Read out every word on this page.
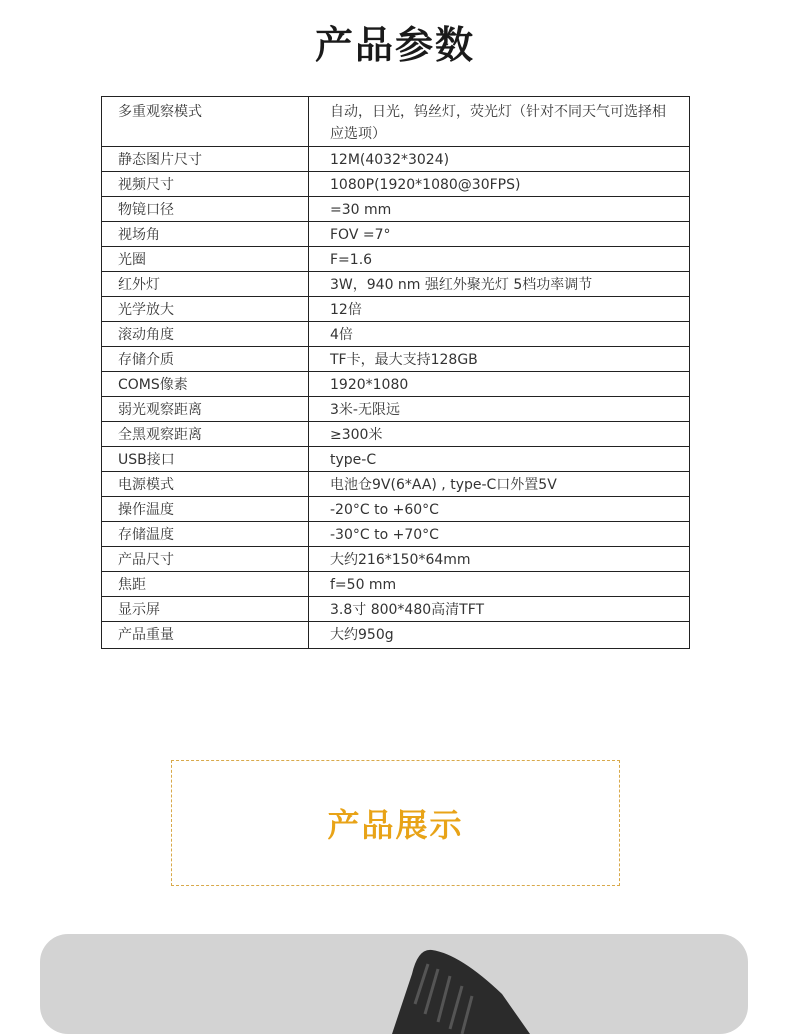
产品参数
多重观察模式	自动，日光，钨丝灯，荧光灯（针对不同天气可选择相应选项）
静态图片尺寸	12M(4032*3024)
视频尺寸	1080P(1920*1080@30FPS)
物镜口径	=30 mm
视场角	FOV =7°
光圈	F=1.6
红外灯	3W，940 nm 强红外聚光灯 5档功率调节
光学放大	12倍
滚动角度	4倍
存储介质	TF卡，最大支持128GB
COMS像素	1920*1080
弱光观察距离	3米-无限远
全黑观察距离	≥300米
USB接口	type-C
电源模式	电池仓9V(6*AA) , type-C口外置5V
操作温度	-20°C to +60°C
存储温度	-30°C to +70°C
产品尺寸	大约216*150*64mm
焦距	f=50 mm
显示屏	3.8寸 800*480高清TFT
产品重量	大约950g
产品展示
